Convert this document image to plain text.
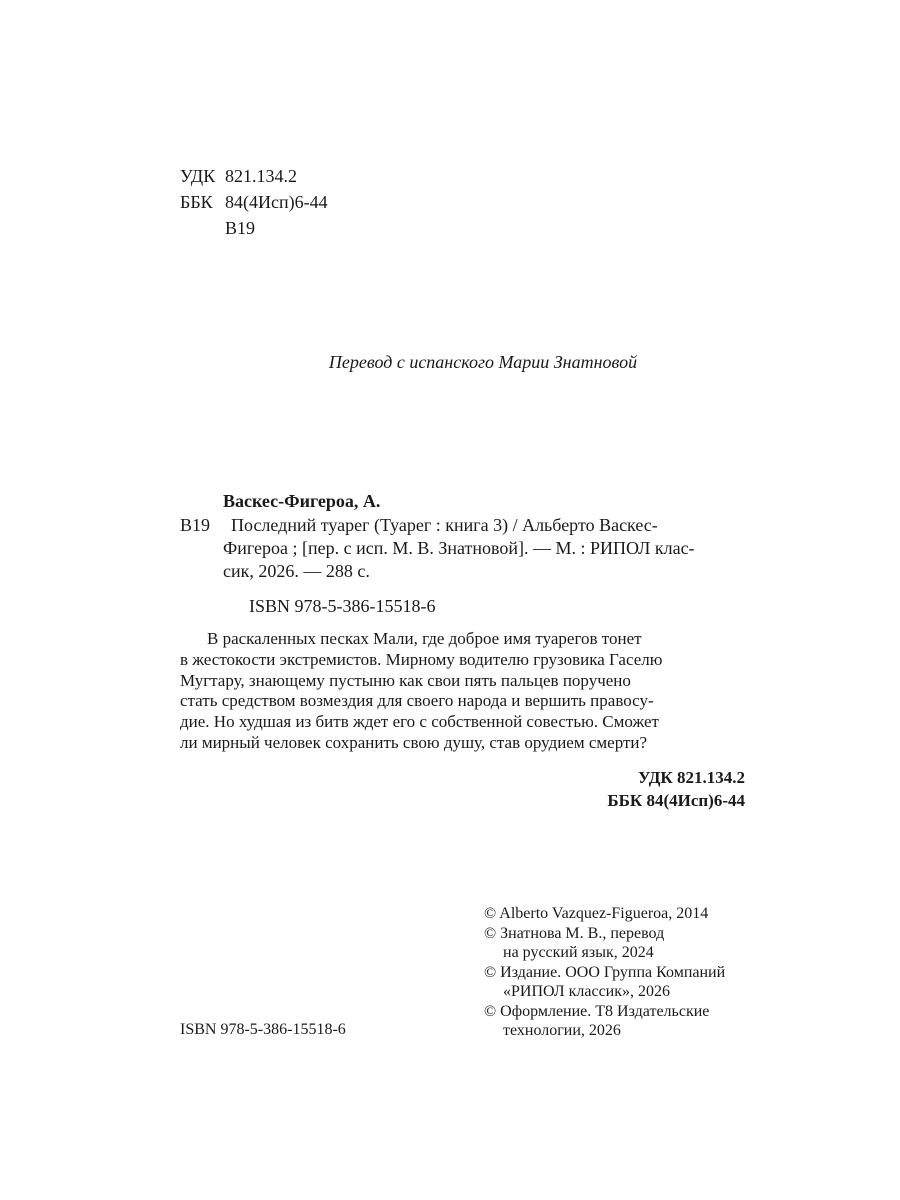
УДК 821.134.2
ББК 84(4Исп)6-44
В19
Перевод с испанского Марии Знатновой
Васкес-Фигероа, А.
В19	Последний туарег (Туарег : книга 3) / Альберто Васкес-
Фигероа ; [пер. с исп. М. В. Знатновой]. — М. : РИПОЛ клас-
сик, 2026. — 288 с.
ISBN 978-5-386-15518-6
В раскаленных песках Мали, где доброе имя туарегов тонет
в жестокости экстремистов. Мирному водителю грузовика Гаселю
Мугтару, знающему пустыню как свои пять пальцев поручено
стать средством возмездия для своего народа и вершить правосу-
дие. Но худшая из битв ждет его с собственной совестью. Сможет
ли мирный человек сохранить свою душу, став орудием смерти?
УДК 821.134.2
ББК 84(4Исп)6-44
© Alberto Vazquez-Figueroa, 2014
© Знатнова М. В., перевод
на русский язык, 2024
© Издание. ООО Группа Компаний
«РИПОЛ классик», 2026
© Оформление. Т8 Издательские
технологии, 2026
ISBN 978-5-386-15518-6
